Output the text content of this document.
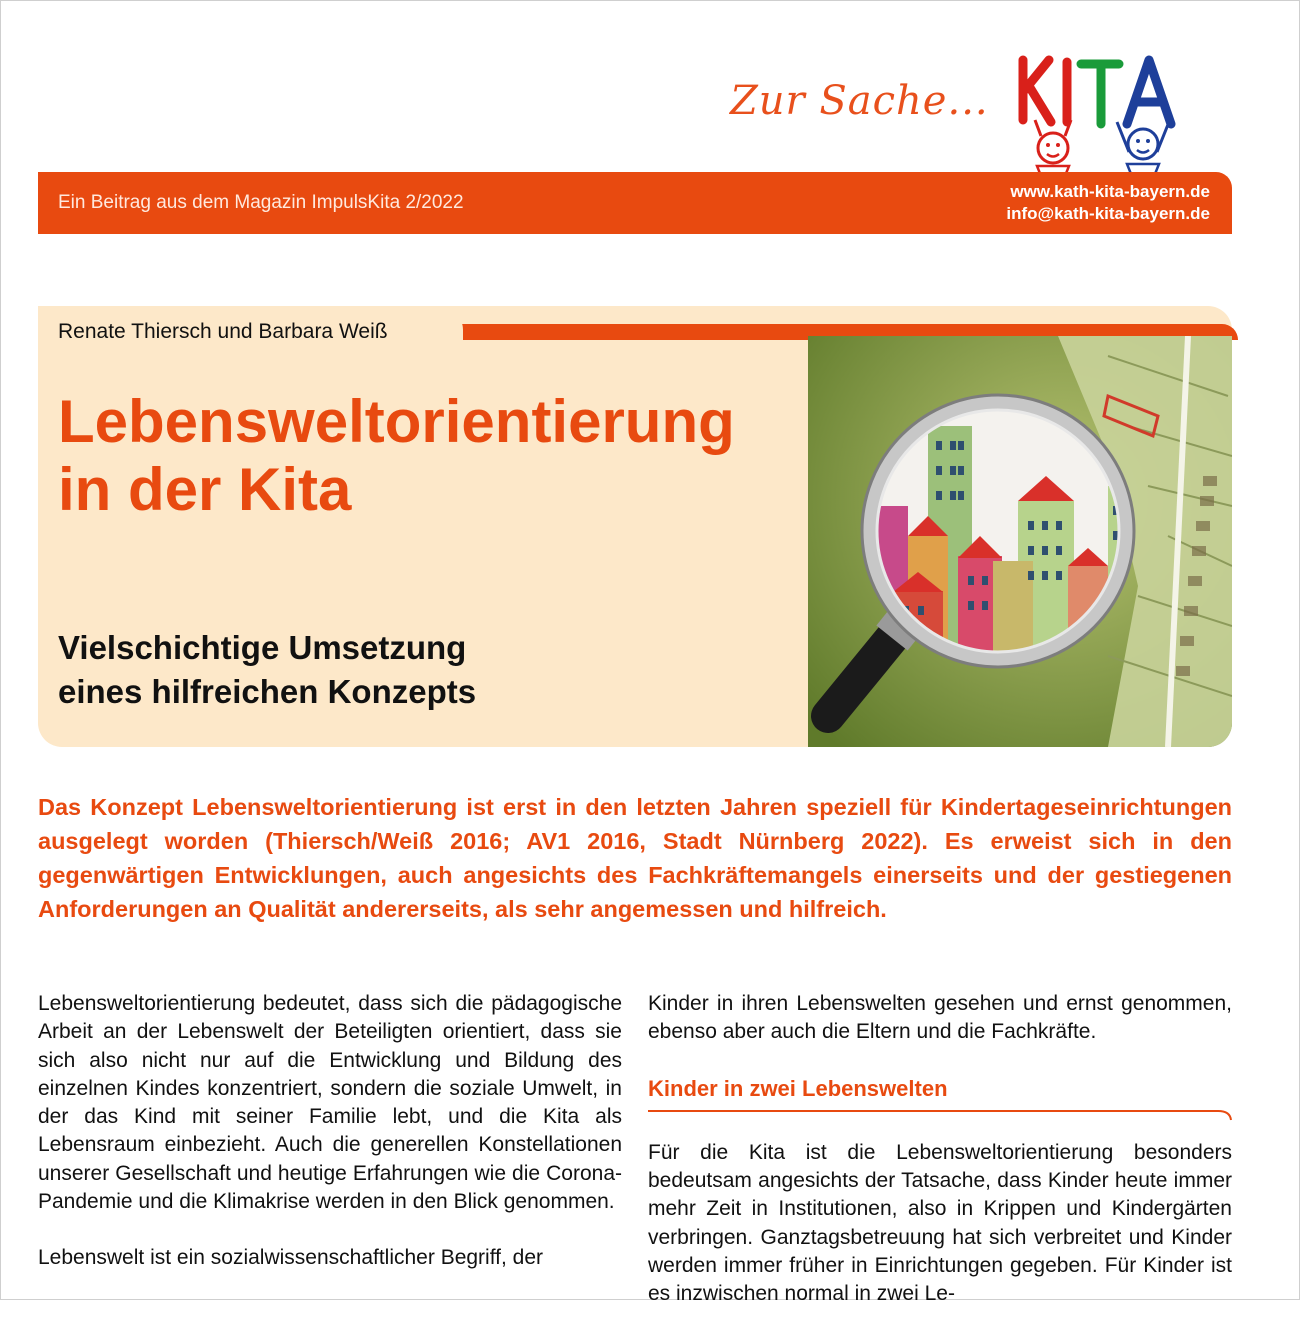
Zur Sache...
Ein Beitrag aus dem Magazin ImpulsKita 2/2022
www.kath-kita-bayern.de
info@kath-kita-bayern.de
Renate Thiersch und Barbara Weiß
Lebensweltorientierung
in der Kita
Vielschichtige Umsetzung
eines hilfreichen Konzepts

Das Konzept Lebensweltorientierung ist erst in den letzten Jahren speziell für Kindertageseinrichtungen ausgelegt worden (Thiersch/Weiß 2016; AV1 2016, Stadt Nürnberg 2022). Es erweist sich in den gegenwärtigen Entwicklungen, auch angesichts des Fachkräftemangels einerseits und der gestiegenen Anforderungen an Qualität andererseits, als sehr angemessen und hilfreich.

Lebensweltorientierung bedeutet, dass sich die pädagogische Arbeit an der Lebenswelt der Beteiligten orientiert, dass sie sich also nicht nur auf die Entwicklung und Bildung des einzelnen Kindes konzentriert, sondern die soziale Umwelt, in der das Kind mit seiner Familie lebt, und die Kita als Lebensraum einbezieht. Auch die generellen Konstellationen unserer Gesellschaft und heutige Erfahrungen wie die Corona-Pandemie und die Klimakrise werden in den Blick genommen.

Lebenswelt ist ein sozialwissenschaftlicher Begriff, der

Kinder in ihren Lebenswelten gesehen und ernst genommen, ebenso aber auch die Eltern und die Fachkräfte.

Kinder in zwei Lebenswelten

Für die Kita ist die Lebensweltorientierung besonders bedeutsam angesichts der Tatsache, dass Kinder heute immer mehr Zeit in Institutionen, also in Krippen und Kindergärten verbringen. Ganztagsbetreuung hat sich verbreitet und Kinder werden immer früher in Einrichtungen gegeben. Für Kinder ist es inzwischen normal in zwei Le-
